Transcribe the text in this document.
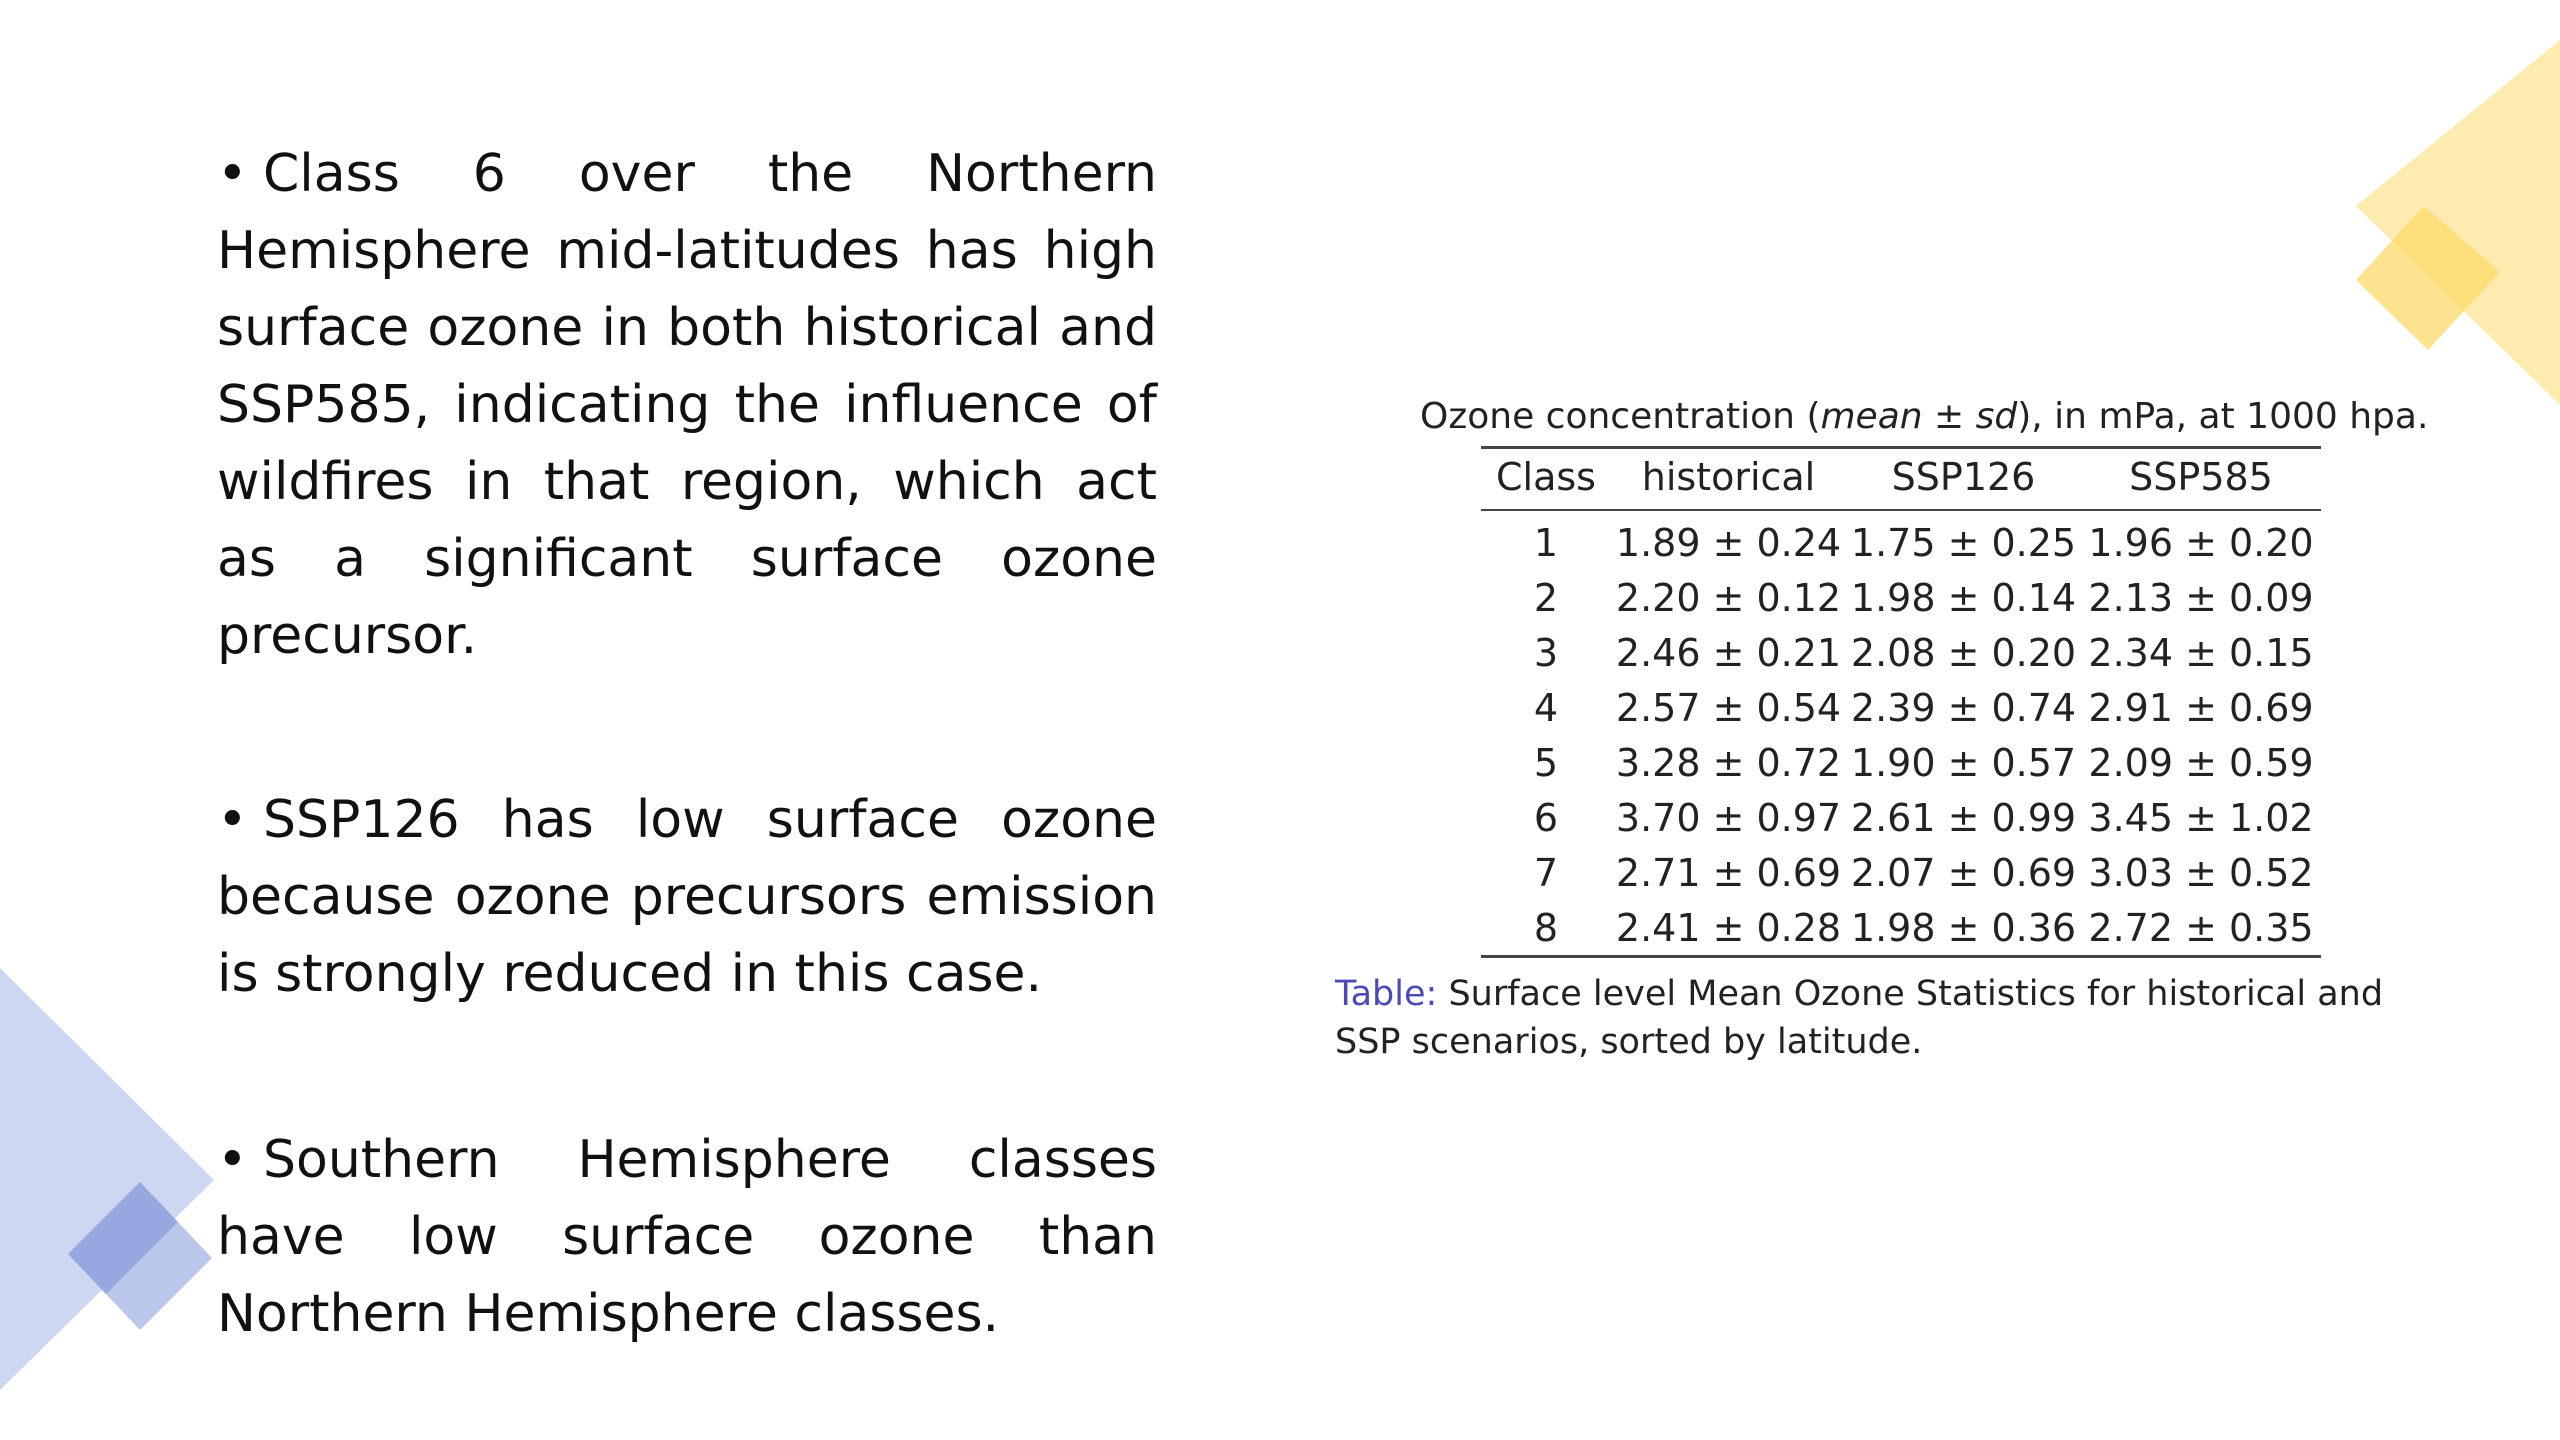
• Class 6 over the Northern Hemisphere mid-latitudes has high surface ozone in both historical and SSP585, indicating the influence of wildfires in that region, which act as a significant surface ozone precursor.

• SSP126 has low surface ozone because ozone precursors emission is strongly reduced in this case.

• Southern Hemisphere classes have low surface ozone than Northern Hemisphere classes.

Ozone concentration (mean ± sd), in mPa, at 1000 hpa.
Class	historical	SSP126	SSP585
1	1.89 ± 0.24	1.75 ± 0.25	1.96 ± 0.20
2	2.20 ± 0.12	1.98 ± 0.14	2.13 ± 0.09
3	2.46 ± 0.21	2.08 ± 0.20	2.34 ± 0.15
4	2.57 ± 0.54	2.39 ± 0.74	2.91 ± 0.69
5	3.28 ± 0.72	1.90 ± 0.57	2.09 ± 0.59
6	3.70 ± 0.97	2.61 ± 0.99	3.45 ± 1.02
7	2.71 ± 0.69	2.07 ± 0.69	3.03 ± 0.52
8	2.41 ± 0.28	1.98 ± 0.36	2.72 ± 0.35
Table: Surface level Mean Ozone Statistics for historical and SSP scenarios, sorted by latitude.
